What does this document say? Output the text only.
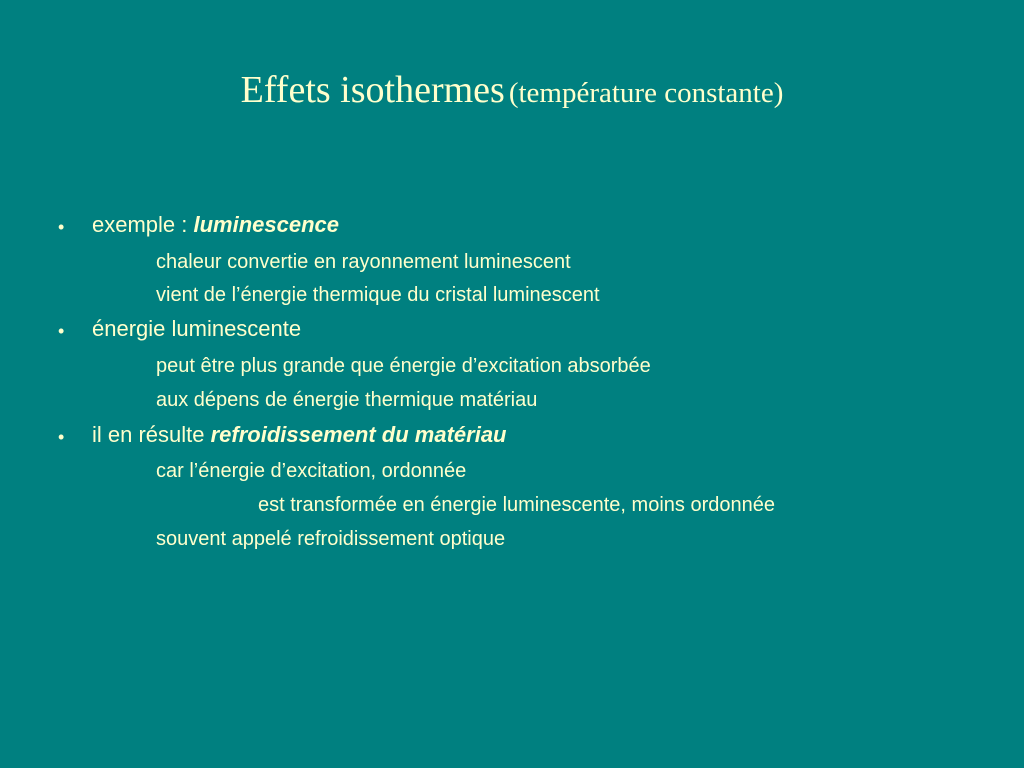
Effets isothermes (température constante)
• exemple : luminescence
chaleur convertie en rayonnement luminescent
vient de l’énergie thermique du cristal luminescent
• énergie luminescente
peut être plus grande que énergie d’excitation absorbée
aux dépens de énergie thermique matériau
• il en résulte refroidissement du matériau
car l’énergie d’excitation, ordonnée
est transformée en énergie luminescente, moins ordonnée
souvent appelé refroidissement optique
